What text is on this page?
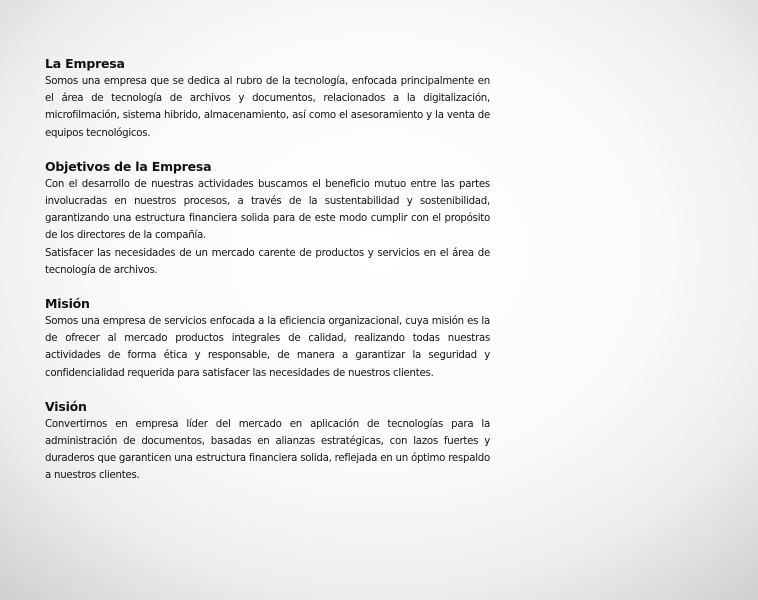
La Empresa

Somos una empresa que se dedica al rubro de la tecnología, enfocada principalmente en el área de tecnología de archivos y documentos, relacionados a la digitalización, microfilmación, sistema hibrido, almacenamiento, así como el asesoramiento y la venta de equipos tecnológicos.

Objetivos de la Empresa

Con el desarrollo de nuestras actividades buscamos el beneficio mutuo entre las partes involucradas en nuestros procesos, a través de la sustentabilidad y sostenibilidad, garantizando una estructura financiera solida para de este modo cumplir con el propósito de los directores de la compañía.

Satisfacer las necesidades de un mercado carente de productos y servicios en el área de tecnología de archivos.

Misión

Somos una empresa de servicios enfocada a la eficiencia organizacional, cuya misión es la de ofrecer al mercado productos integrales de calidad, realizando todas nuestras actividades de forma ética y responsable, de manera a garantizar la seguridad y confidencialidad requerida para satisfacer las necesidades de nuestros clientes.

Visión

Convertirnos en empresa líder del mercado en aplicación de tecnologías para la administración de documentos, basadas en alianzas estratégicas, con lazos fuertes y duraderos que garanticen una estructura financiera solida, reflejada en un óptimo respaldo a nuestros clientes.
